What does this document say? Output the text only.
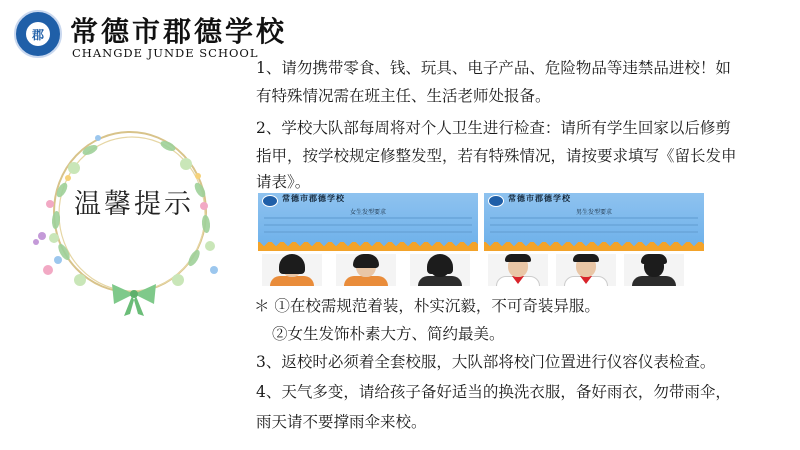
郡 常德市郡德学校
CHANGDE JUNDE SCHOOL
温馨提示
1、请勿携带零食、钱、玩具、电子产品、危险物品等违禁品进校！如
有特殊情况需在班主任、生活老师处报备。
2、学校大队部每周将对个人卫生进行检查：请所有学生回家以后修剪
指甲，按学校规定修整发型，若有特殊情况，请按要求填写《留长发申
请表》。
＊ ①在校需规范着装，朴实沉毅，不可奇装异服。
②女生发饰朴素大方、简约最美。
3、返校时必须着全套校服，大队部将校门位置进行仪容仪表检查。
4、天气多变，请给孩子备好适当的换洗衣服，备好雨衣，勿带雨伞，
雨天请不要撑雨伞来校。
常德市郡德学校
女生发型要求
常德市郡德学校
男生发型要求
